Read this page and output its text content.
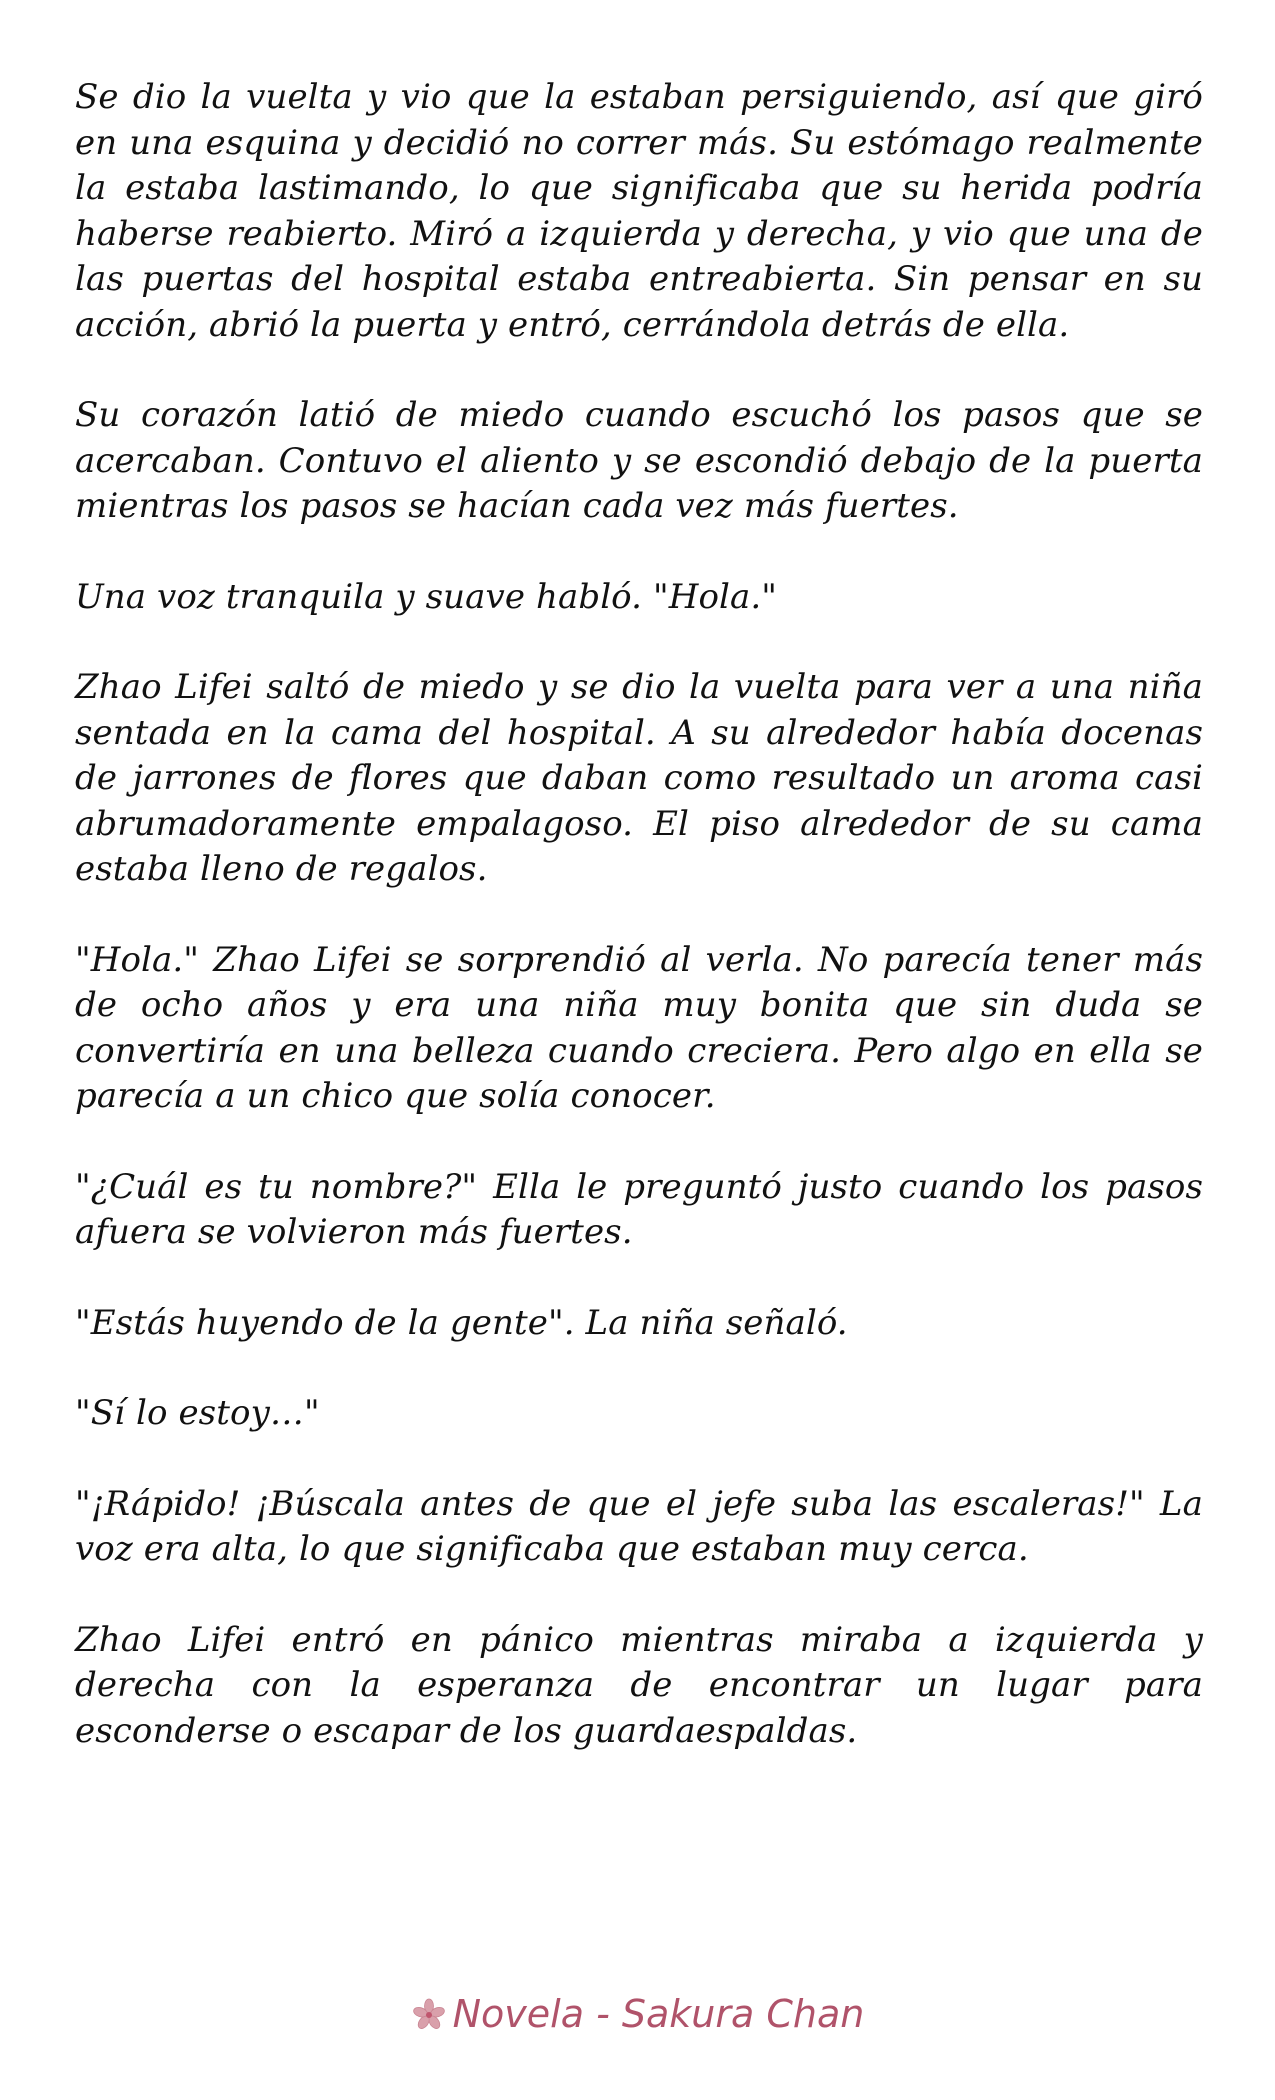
Se dio la vuelta y vio que la estaban persiguiendo, así que giró en una esquina y decidió no correr más. Su estómago realmente la estaba lastimando, lo que significaba que su herida podría haberse reabierto. Miró a izquierda y derecha, y vio que una de las puertas del hospital estaba entreabierta. Sin pensar en su acción, abrió la puerta y entró, cerrándola detrás de ella.

Su corazón latió de miedo cuando escuchó los pasos que se acercaban. Contuvo el aliento y se escondió debajo de la puerta mientras los pasos se hacían cada vez más fuertes.

Una voz tranquila y suave habló. "Hola."

Zhao Lifei saltó de miedo y se dio la vuelta para ver a una niña sentada en la cama del hospital. A su alrededor había docenas de jarrones de flores que daban como resultado un aroma casi abrumadoramente empalagoso. El piso alrededor de su cama estaba lleno de regalos.

"Hola." Zhao Lifei se sorprendió al verla. No parecía tener más de ocho años y era una niña muy bonita que sin duda se convertiría en una belleza cuando creciera. Pero algo en ella se parecía a un chico que solía conocer.

"¿Cuál es tu nombre?" Ella le preguntó justo cuando los pasos afuera se volvieron más fuertes.

"Estás huyendo de la gente". La niña señaló.

"Sí lo estoy…"

"¡Rápido! ¡Búscala antes de que el jefe suba las escaleras!" La voz era alta, lo que significaba que estaban muy cerca.

Zhao Lifei entró en pánico mientras miraba a izquierda y derecha con la esperanza de encontrar un lugar para esconderse o escapar de los guardaespaldas.

Novela - Sakura Chan
